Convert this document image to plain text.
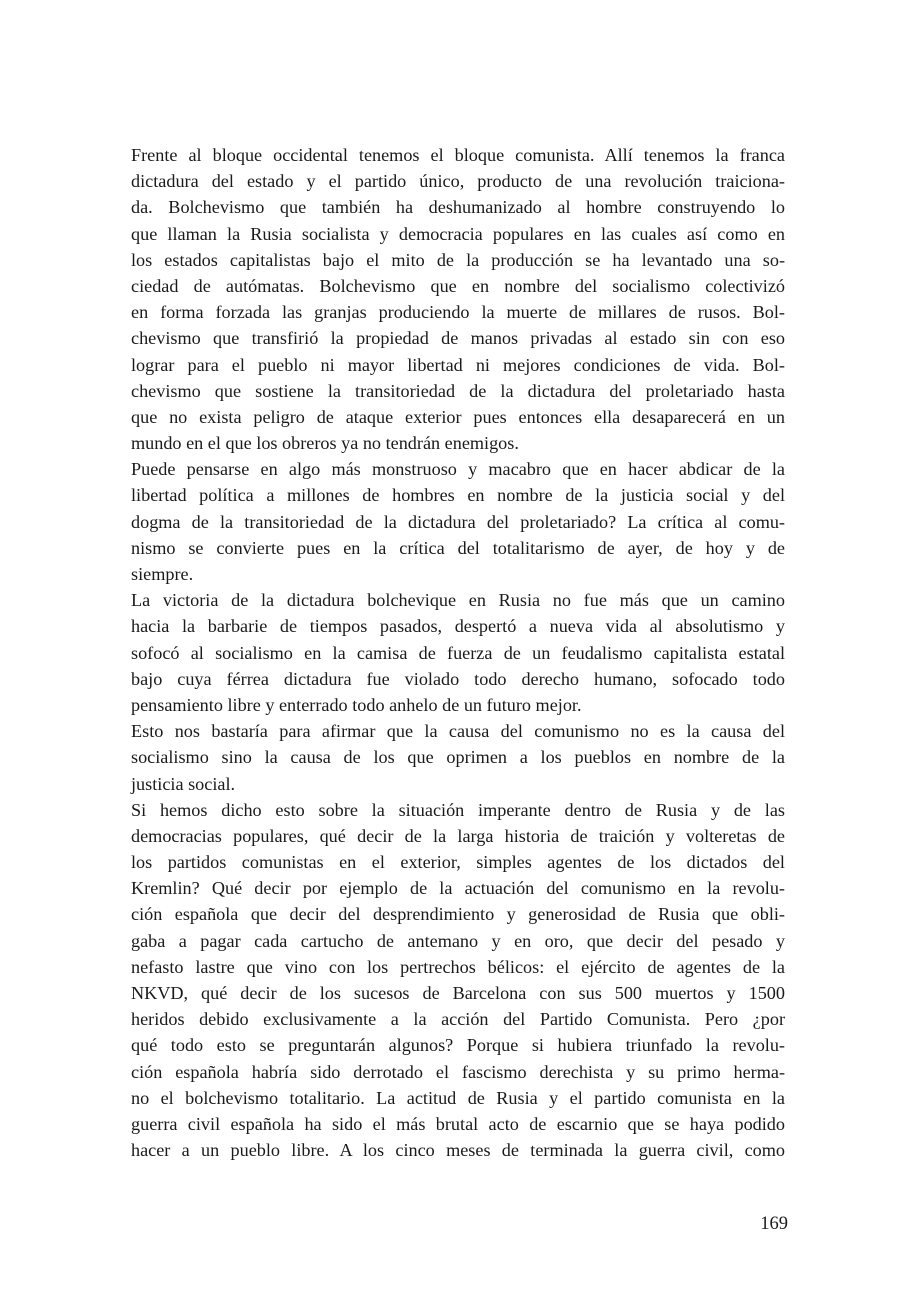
Frente al bloque occidental tenemos el bloque comunista. Allí tenemos la franca
dictadura del estado y el partido único, producto de una revolución traiciona-
da. Bolchevismo que también ha deshumanizado al hombre construyendo lo
que llaman la Rusia socialista y democracia populares en las cuales así como en
los estados capitalistas bajo el mito de la producción se ha levantado una so-
ciedad de autómatas. Bolchevismo que en nombre del socialismo colectivizó
en forma forzada las granjas produciendo la muerte de millares de rusos. Bol-
chevismo que transfirió la propiedad de manos privadas al estado sin con eso
lograr para el pueblo ni mayor libertad ni mejores condiciones de vida. Bol-
chevismo que sostiene la transitoriedad de la dictadura del proletariado hasta
que no exista peligro de ataque exterior pues entonces ella desaparecerá en un
mundo en el que los obreros ya no tendrán enemigos.
Puede pensarse en algo más monstruoso y macabro que en hacer abdicar de la
libertad política a millones de hombres en nombre de la justicia social y del
dogma de la transitoriedad de la dictadura del proletariado? La crítica al comu-
nismo se convierte pues en la crítica del totalitarismo de ayer, de hoy y de
siempre.
La victoria de la dictadura bolchevique en Rusia no fue más que un camino
hacia la barbarie de tiempos pasados, despertó a nueva vida al absolutismo y
sofocó al socialismo en la camisa de fuerza de un feudalismo capitalista estatal
bajo cuya férrea dictadura fue violado todo derecho humano, sofocado todo
pensamiento libre y enterrado todo anhelo de un futuro mejor.
Esto nos bastaría para afirmar que la causa del comunismo no es la causa del
socialismo sino la causa de los que oprimen a los pueblos en nombre de la
justicia social.
Si hemos dicho esto sobre la situación imperante dentro de Rusia y de las
democracias populares, qué decir de la larga historia de traición y volteretas de
los partidos comunistas en el exterior, simples agentes de los dictados del
Kremlin? Qué decir por ejemplo de la actuación del comunismo en la revolu-
ción española que decir del desprendimiento y generosidad de Rusia que obli-
gaba a pagar cada cartucho de antemano y en oro, que decir del pesado y
nefasto lastre que vino con los pertrechos bélicos: el ejército de agentes de la
NKVD, qué decir de los sucesos de Barcelona con sus 500 muertos y 1500
heridos debido exclusivamente a la acción del Partido Comunista. Pero ¿por
qué todo esto se preguntarán algunos? Porque si hubiera triunfado la revolu-
ción española habría sido derrotado el fascismo derechista y su primo herma-
no el bolchevismo totalitario. La actitud de Rusia y el partido comunista en la
guerra civil española ha sido el más brutal acto de escarnio que se haya podido
hacer a un pueblo libre. A los cinco meses de terminada la guerra civil, como
169
